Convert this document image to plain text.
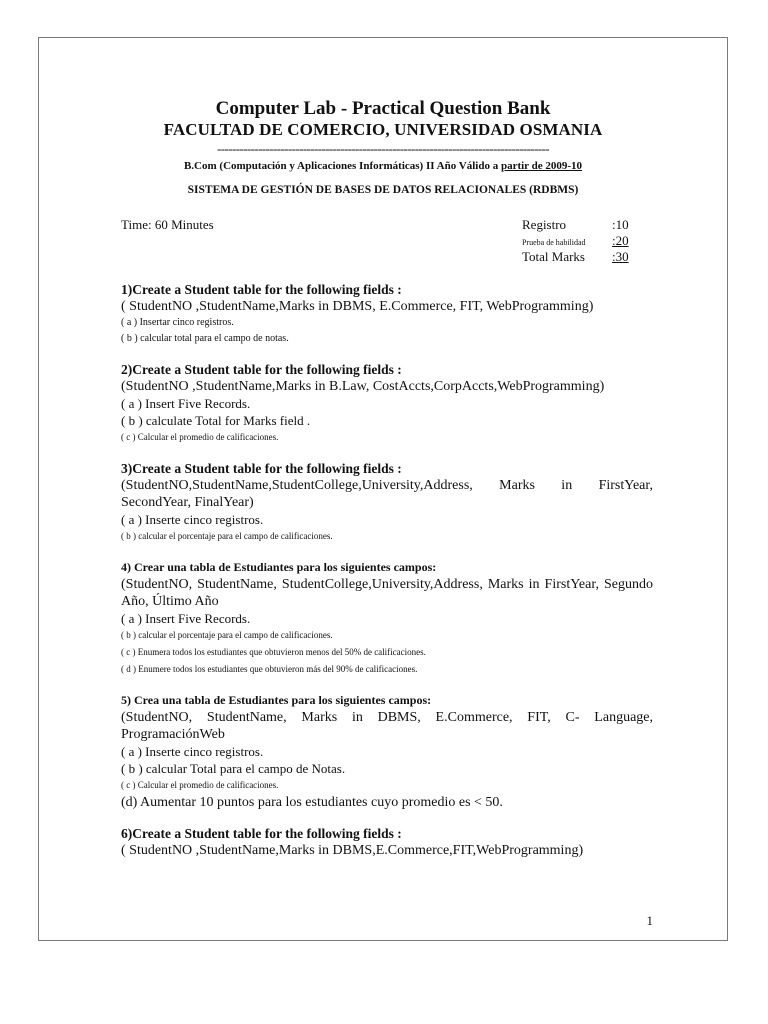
Computer Lab - Practical Question Bank
FACULTAD DE COMERCIO, UNIVERSIDAD OSMANIA
-----------------------------------------------------------------------------------------
B.Com (Computación y Aplicaciones Informáticas) II Año Válido a partir de 2009-10
SISTEMA DE GESTIÓN DE BASES DE DATOS RELACIONALES (RDBMS)
Time: 60 Minutes	Registro	:10
Prueba de habilidad	:20
Total Marks	:30
1)Create a Student table for the following fields :
( StudentNO ,StudentName,Marks in DBMS, E.Commerce, FIT, WebProgramming)
( a ) Insertar cinco registros.
( b ) calcular total para el campo de notas.
2)Create a Student table for the following fields :
(StudentNO ,StudentName,Marks in B.Law, CostAccts,CorpAccts,WebProgramming)
( a ) Insert Five Records.
( b ) calculate Total for Marks field .
( c ) Calcular el promedio de calificaciones.
3)Create a Student table for the following fields :
(StudentNO,StudentName,StudentCollege,University,Address, Marks in FirstYear, SecondYear, FinalYear)
( a ) Inserte cinco registros.
( b ) calcular el porcentaje para el campo de calificaciones.
4) Crear una tabla de Estudiantes para los siguientes campos:
(StudentNO, StudentName, StudentCollege,University,Address, Marks in FirstYear, Segundo Año, Último Año
( a ) Insert Five Records.
( b ) calcular el porcentaje para el campo de calificaciones.
( c ) Enumera todos los estudiantes que obtuvieron menos del 50% de calificaciones.
( d ) Enumere todos los estudiantes que obtuvieron más del 90% de calificaciones.
5) Crea una tabla de Estudiantes para los siguientes campos:
(StudentNO, StudentName, Marks in DBMS, E.Commerce, FIT, C- Language, ProgramaciónWeb
( a ) Inserte cinco registros.
( b ) calcular Total para el campo de Notas.
( c ) Calcular el promedio de calificaciones.
(d) Aumentar 10 puntos para los estudiantes cuyo promedio es < 50.
6)Create a Student table for the following fields :
( StudentNO ,StudentName,Marks in DBMS,E.Commerce,FIT,WebProgramming)
1
